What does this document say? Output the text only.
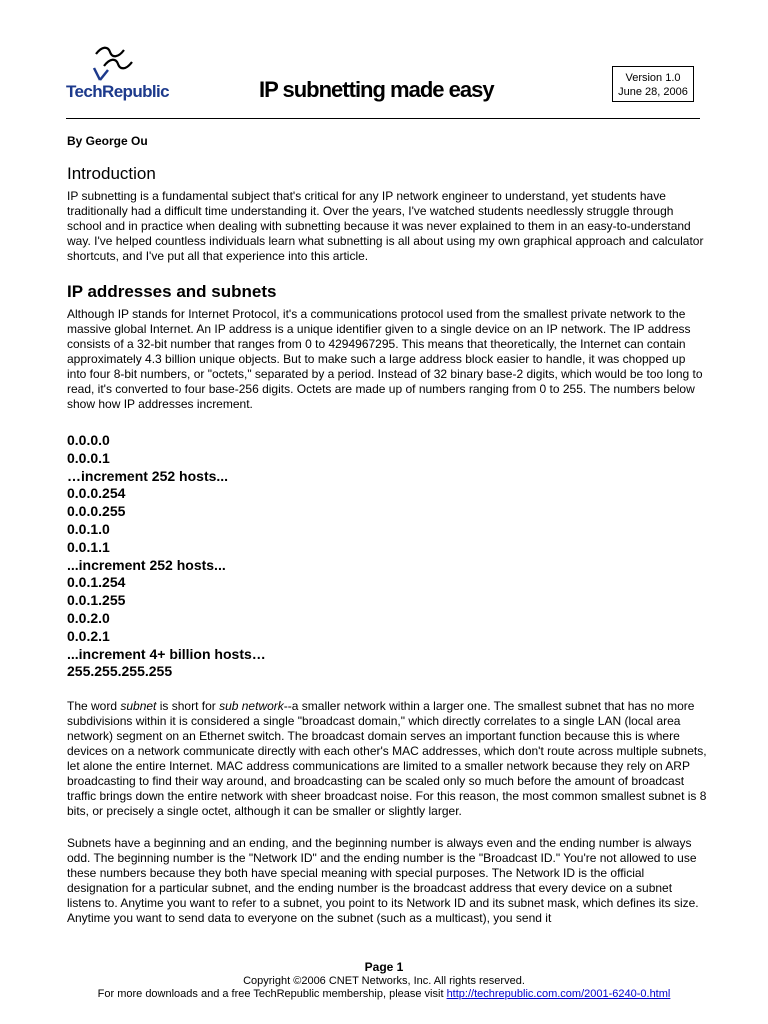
TechRepublic	IP subnetting made easy	Version 1.0
June 28, 2006
By George Ou
Introduction

IP subnetting is a fundamental subject that's critical for any IP network engineer to understand, yet students have traditionally had a difficult time understanding it. Over the years, I've watched students needlessly struggle through school and in practice when dealing with subnetting because it was never explained to them in an easy-to-understand way. I've helped countless individuals learn what subnetting is all about using my own graphical approach and calculator shortcuts, and I've put all that experience into this article.

IP addresses and subnets

Although IP stands for Internet Protocol, it's a communications protocol used from the smallest private network to the massive global Internet. An IP address is a unique identifier given to a single device on an IP network. The IP address consists of a 32-bit number that ranges from 0 to 4294967295. This means that theoretically, the Internet can contain approximately 4.3 billion unique objects. But to make such a large address block easier to handle, it was chopped up into four 8-bit numbers, or "octets," separated by a period. Instead of 32 binary base-2 digits, which would be too long to read, it's converted to four base-256 digits. Octets are made up of numbers ranging from 0 to 255. The numbers below show how IP addresses increment.

0.0.0.0
0.0.0.1
…increment 252 hosts...
0.0.0.254
0.0.0.255
0.0.1.0
0.0.1.1
...increment 252 hosts...
0.0.1.254
0.0.1.255
0.0.2.0
0.0.2.1
...increment 4+ billion hosts…
255.255.255.255

The word subnet is short for sub network--a smaller network within a larger one. The smallest subnet that has no more subdivisions within it is considered a single "broadcast domain," which directly correlates to a single LAN (local area network) segment on an Ethernet switch. The broadcast domain serves an important function because this is where devices on a network communicate directly with each other's MAC addresses, which don't route across multiple subnets, let alone the entire Internet. MAC address communications are limited to a smaller network because they rely on ARP broadcasting to find their way around, and broadcasting can be scaled only so much before the amount of broadcast traffic brings down the entire network with sheer broadcast noise. For this reason, the most common smallest subnet is 8 bits, or precisely a single octet, although it can be smaller or slightly larger.

Subnets have a beginning and an ending, and the beginning number is always even and the ending number is always odd. The beginning number is the "Network ID" and the ending number is the "Broadcast ID." You're not allowed to use these numbers because they both have special meaning with special purposes. The Network ID is the official designation for a particular subnet, and the ending number is the broadcast address that every device on a subnet listens to. Anytime you want to refer to a subnet, you point to its Network ID and its subnet mask, which defines its size. Anytime you want to send data to everyone on the subnet (such as a multicast), you send it

Page 1
Copyright ©2006 CNET Networks, Inc. All rights reserved.
For more downloads and a free TechRepublic membership, please visit http://techrepublic.com.com/2001-6240-0.html
